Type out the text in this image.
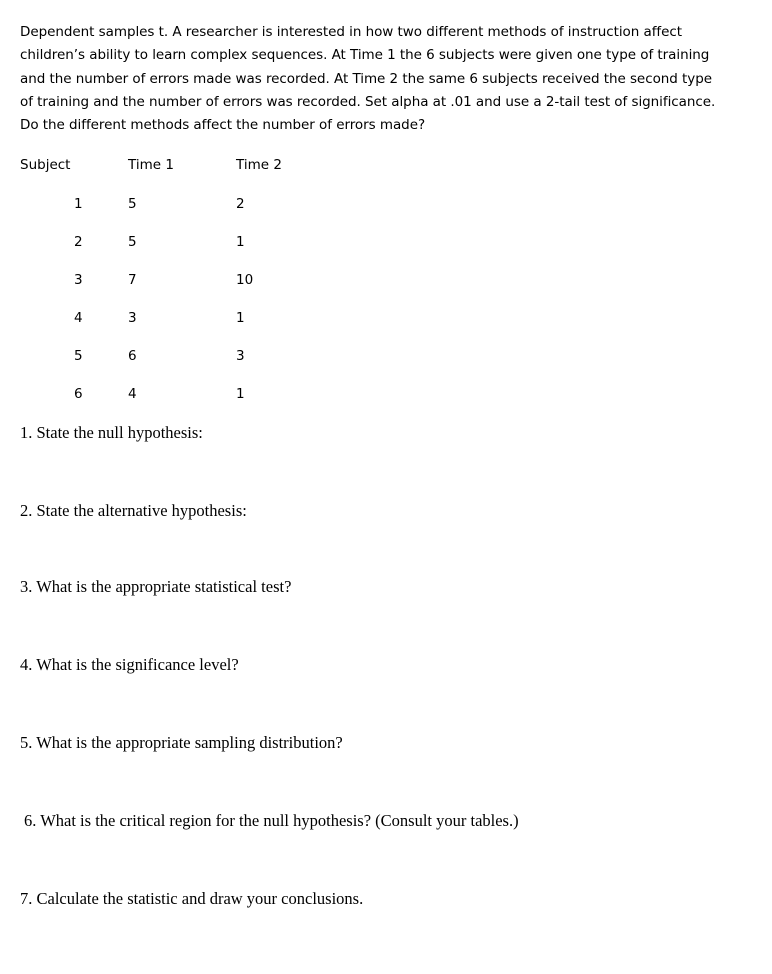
Dependent samples t. A researcher is interested in how two different methods of instruction affect
children’s ability to learn complex sequences. At Time 1 the 6 subjects were given one type of training
and the number of errors made was recorded. At Time 2 the same 6 subjects received the second type
of training and the number of errors was recorded. Set alpha at .01 and use a 2-tail test of significance.
Do the different methods affect the number of errors made?

Subject	Time 1	Time 2
1	5	2
2	5	1
3	7	10
4	3	1
5	6	3
6	4	1

1. State the null hypothesis:

2. State the alternative hypothesis:

3. What is the appropriate statistical test?

4. What is the significance level?

5. What is the appropriate sampling distribution?

6. What is the critical region for the null hypothesis? (Consult your tables.)

7. Calculate the statistic and draw your conclusions.
